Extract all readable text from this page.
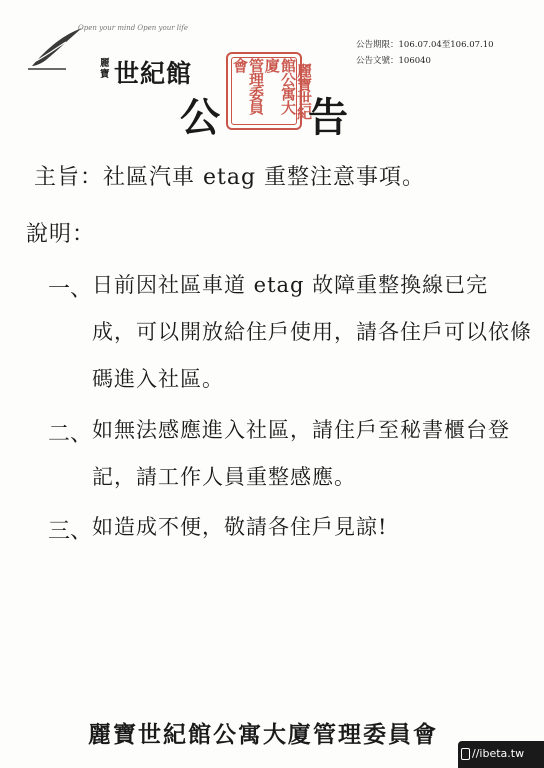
Open your mind Open your life
麗寶 世紀館
公告期限：106.07.04至106.07.10
公告文號：106040
麗寶世紀
館公寓大廈
管理委員會
公 告
主旨：社區汽車 etag 重整注意事項。
說明：
一、 日前因社區車道 etag 故障重整換線已完成，可以開放給住戶使用，請各住戶可以依條碼進入社區。

二、 如無法感應進入社區，請住戶至秘書櫃台登記，請工作人員重整感應。

三、 如造成不便，敬請各住戶見諒!

麗寶世紀館公寓大廈管理委員會
//ibeta.tw
